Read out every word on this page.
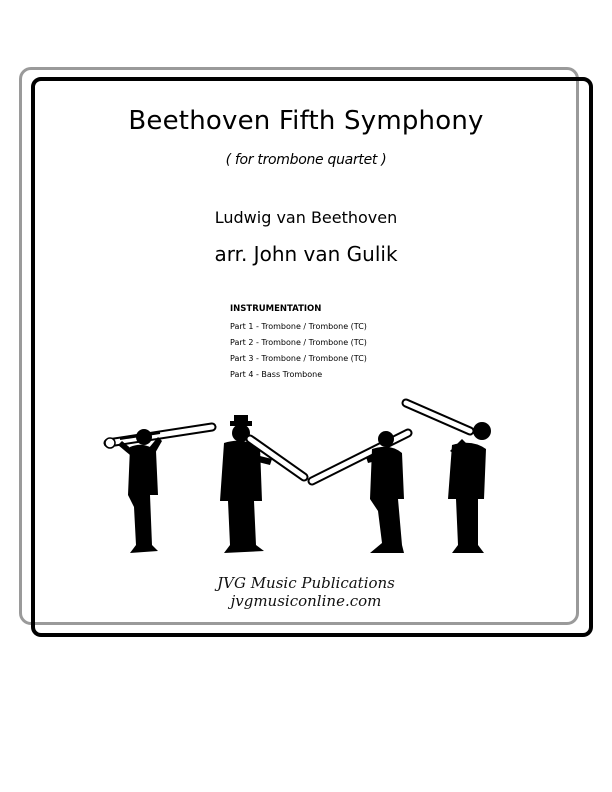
Beethoven Fifth Symphony
( for trombone quartet )
Ludwig van Beethoven
arr. John van Gulik
INSTRUMENTATION
Part 1 - Trombone / Trombone (TC)
Part 2 - Trombone / Trombone (TC)
Part 3 - Trombone / Trombone (TC)
Part 4 - Bass Trombone
JVG Music Publications
jvgmusiconline.com
